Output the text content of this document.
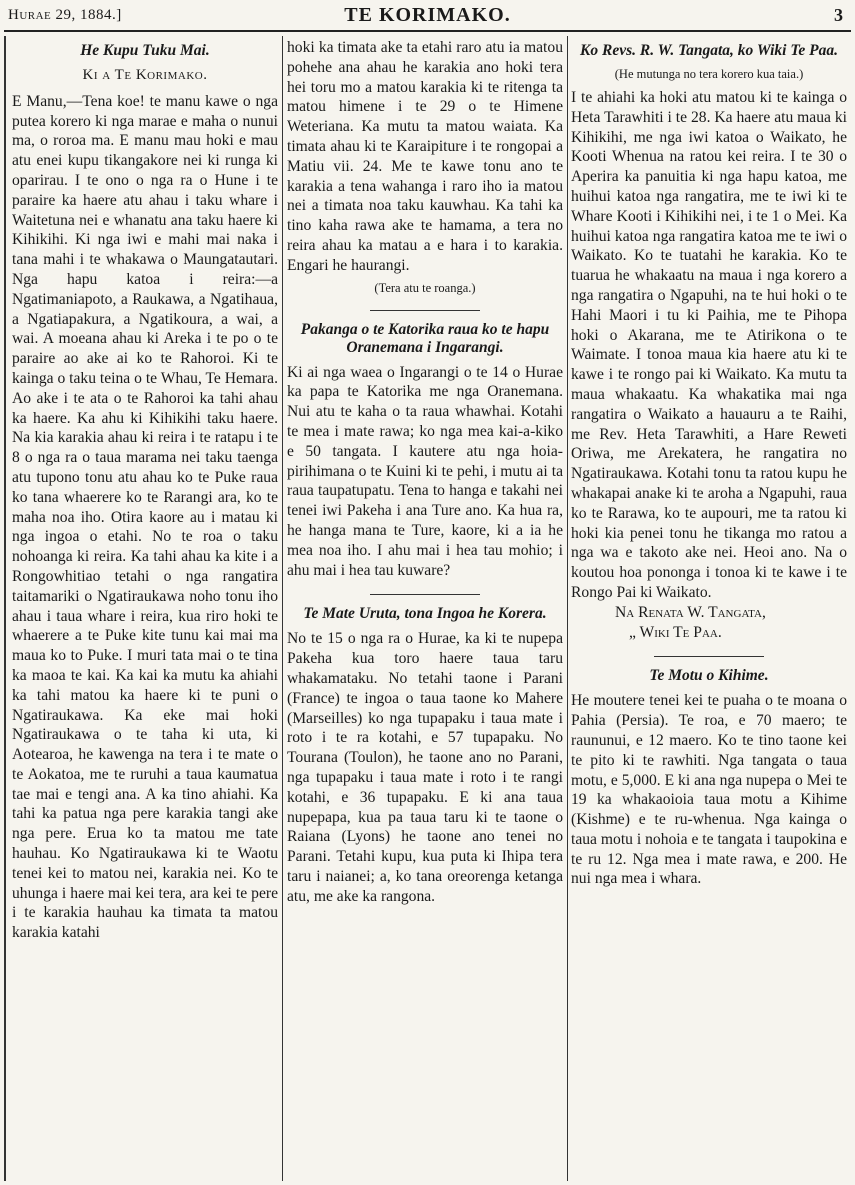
Hurae 29, 1884.]	TE KORIMAKO.	3
He Kupu Tuku Mai.
Ki a Te Korimako.

E Manu,—Tena koe! te manu kawe o nga putea korero ki nga marae e maha o nunui ma, o roroa ma. E manu mau hoki e mau atu enei kupu tikangakore nei ki runga ki oparirau. I te ono o nga ra o Hune i te paraire ka haere atu ahau i taku whare i Waitetuna nei e whanatu ana taku haere ki Kihikihi. Ki nga iwi e mahi mai naka i tana mahi i te whakawa o Maungatautari. Nga hapu katoa i reira:—a Ngatimaniapoto, a Raukawa, a Ngatihaua, a Ngatiapakura, a Ngatikoura, a wai, a wai. A moeana ahau ki Areka i te po o te paraire ao ake ai ko te Rahoroi. Ki te kainga o taku teina o te Whau, Te Hemara. Ao ake i te ata o te Rahoroi ka tahi ahau ka haere. Ka ahu ki Kihikihi taku haere. Na kia karakia ahau ki reira i te ratapu i te 8 o nga ra o taua marama nei taku taenga atu tupono tonu atu ahau ko te Puke raua ko tana whaerere ko te Rarangi ara, ko te maha noa iho. Otira kaore au i matau ki nga ingoa o etahi. No te roa o taku nohoanga ki reira. Ka tahi ahau ka kite i a Rongowhitiao tetahi o nga rangatira taitamariki o Ngatiraukawa noho tonu iho ahau i taua whare i reira, kua riro hoki te whaerere a te Puke kite tunu kai mai ma maua ko to Puke. I muri tata mai o te tina ka maoa te kai. Ka kai ka mutu ka ahiahi ka tahi matou ka haere ki te puni o Ngatiraukawa. Ka eke mai hoki Ngatiraukawa o te taha ki uta, ki Aotearoa, he kawenga na tera i te mate o te Aokatoa, me te ruruhi a taua kaumatua tae mai e tengi ana. A ka tino ahiahi. Ka tahi ka patua nga pere karakia tangi ake nga pere. Erua ko ta matou me tate hauhau. Ko Ngatiraukawa ki te Waotu tenei kei to matou nei, karakia nei. Ko te uhunga i haere mai kei tera, ara kei te pere i te karakia hauhau ka timata ta matou karakia katahi

hoki ka timata ake ta etahi raro atu ia matou pohehe ana ahau he karakia ano hoki tera hei toru mo a matou karakia ki te ritenga ta matou himene i te 29 o te Himene Weteriana. Ka mutu ta matou waiata. Ka timata ahau ki te Karaipiture i te rongopai a Matiu vii. 24. Me te kawe tonu ano te karakia a tena wahanga i raro iho ia matou nei a timata noa taku kauwhau. Ka tahi ka tino kaha rawa ake te hamama, a tera no reira ahau ka matau a e hara i to karakia. Engari he haurangi.

(Tera atu te roanga.)
Pakanga o te Katorika raua ko te hapu Oranemana i Ingarangi.

Ki ai nga waea o Ingarangi o te 14 o Hurae ka papa te Katorika me nga Oranemana. Nui atu te kaha o ta raua whawhai. Kotahi te mea i mate rawa; ko nga mea kai-a-kiko e 50 tangata. I kautere atu nga hoia-pirihimana o te Kuini ki te pehi, i mutu ai ta raua taupatupatu. Tena to hanga e takahi nei tenei iwi Pakeha i ana Ture ano. Ka hua ra, he hanga mana te Ture, kaore, ki a ia he mea noa iho. I ahu mai i hea tau mohio; i ahu mai i hea tau kuware?

Te Mate Uruta, tona Ingoa he Korera.

No te 15 o nga ra o Hurae, ka ki te nupepa Pakeha kua toro haere taua taru whakamataku. No tetahi taone i Parani (France) te ingoa o taua taone ko Mahere (Marseilles) ko nga tupapaku i taua mate i roto i te ra kotahi, e 57 tupapaku. No Tourana (Toulon), he taone ano no Parani, nga tupapaku i taua mate i roto i te rangi kotahi, e 36 tupapaku. E ki ana taua nupepapa, kua pa taua taru ki te taone o Raiana (Lyons) he taone ano tenei no Parani. Tetahi kupu, kua puta ki Ihipa tera taru i naianei; a, ko tana oreorenga ketanga atu, me ake ka rangona.

Ko Revs. R. W. Tangata, ko Wiki Te Paa.
(He mutunga no tera korero kua taia.)

I te ahiahi ka hoki atu matou ki te kainga o Heta Tarawhiti i te 28. Ka haere atu maua ki Kihikihi, me nga iwi katoa o Waikato, he Kooti Whenua na ratou kei reira. I te 30 o Aperira ka panuitia ki nga hapu katoa, me huihui katoa nga rangatira, me te iwi ki te Whare Kooti i Kihikihi nei, i te 1 o Mei. Ka huihui katoa nga rangatira katoa me te iwi o Waikato. Ko te tuatahi he karakia. Ko te tuarua he whakaatu na maua i nga korero a nga rangatira o Ngapuhi, na te hui hoki o te Hahi Maori i tu ki Paihia, me te Pihopa hoki o Akarana, me te Atirikona o te Waimate. I tonoa maua kia haere atu ki te kawe i te rongo pai ki Waikato. Ka mutu ta maua whakaatu. Ka whakatika mai nga rangatira o Waikato a hauauru a te Raihi, me Rev. Heta Tarawhiti, a Hare Reweti Oriwa, me Arekatera, he rangatira no Ngatiraukawa. Kotahi tonu ta ratou kupu he whakapai anake ki te aroha a Ngapuhi, raua ko te Rarawa, ko te aupouri, me ta ratou ki hoki kia penei tonu he tikanga mo ratou a nga wa e takoto ake nei. Heoi ano. Na o koutou hoa pononga i tonoa ki te kawe i te Rongo Pai ki Waikato.

Na Renata W. Tangata,
„ Wiki Te Paa.
Te Motu o Kihime.

He moutere tenei kei te puaha o te moana o Pahia (Persia). Te roa, e 70 maero; te raununui, e 12 maero. Ko te tino taone kei te pito ki te rawhiti. Nga tangata o taua motu, e 5,000. E ki ana nga nupepa o Mei te 19 ka whakaoioia taua motu a Kihime (Kishme) e te ru-whenua. Nga kainga o taua motu i nohoia e te tangata i taupokina e te ru 12. Nga mea i mate rawa, e 200. He nui nga mea i whara.
